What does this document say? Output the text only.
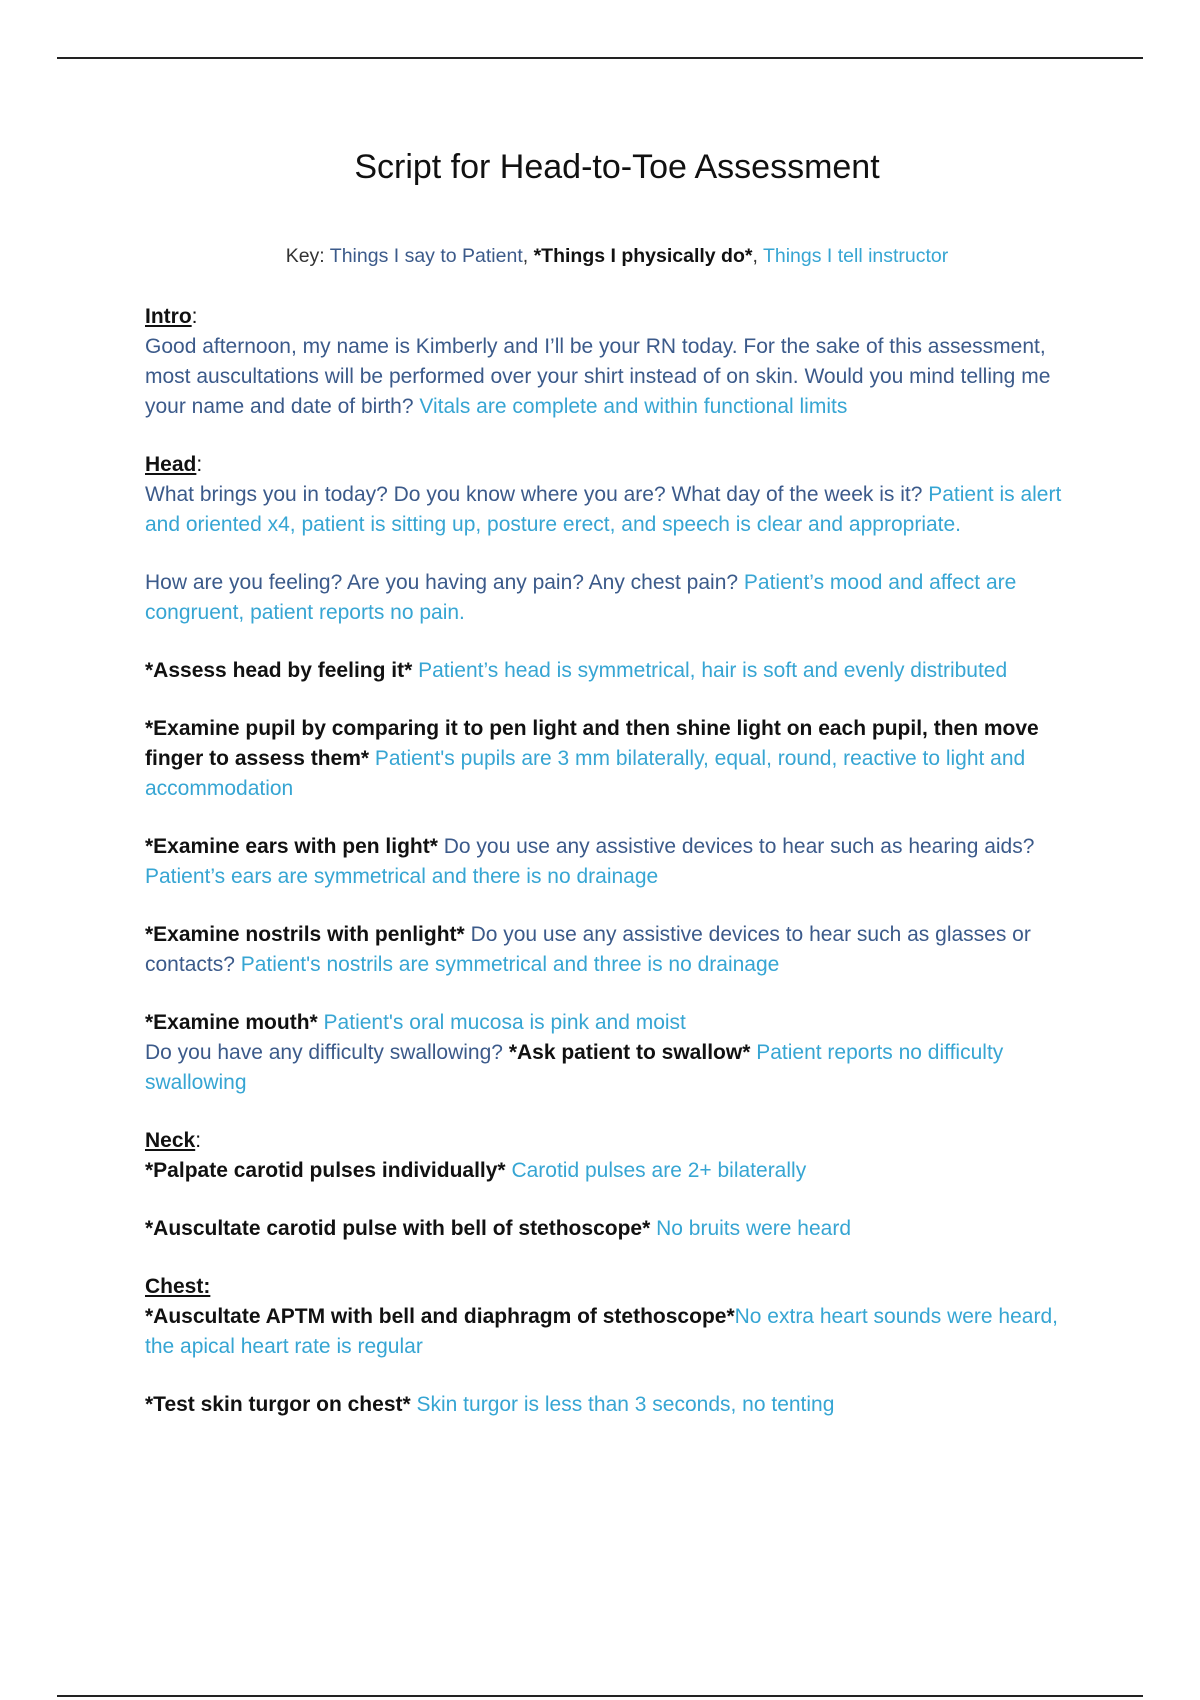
Script for Head-to-Toe Assessment
Key: Things I say to Patient, *Things I physically do*, Things I tell instructor
Intro:
Good afternoon, my name is Kimberly and I’ll be your RN today. For the sake of this assessment, most auscultations will be performed over your shirt instead of on skin. Would you mind telling me your name and date of birth? Vitals are complete and within functional limits
Head:
What brings you in today? Do you know where you are? What day of the week is it? Patient is alert and oriented x4, patient is sitting up, posture erect, and speech is clear and appropriate.
How are you feeling? Are you having any pain? Any chest pain? Patient’s mood and affect are congruent, patient reports no pain.
*Assess head by feeling it* Patient’s head is symmetrical, hair is soft and evenly distributed
*Examine pupil by comparing it to pen light and then shine light on each pupil, then move finger to assess them* Patient's pupils are 3 mm bilaterally, equal, round, reactive to light and accommodation
*Examine ears with pen light* Do you use any assistive devices to hear such as hearing aids? Patient’s ears are symmetrical and there is no drainage
*Examine nostrils with penlight* Do you use any assistive devices to hear such as glasses or contacts? Patient's nostrils are symmetrical and three is no drainage
*Examine mouth* Patient's oral mucosa is pink and moist
Do you have any difficulty swallowing? *Ask patient to swallow* Patient reports no difficulty swallowing
Neck:
*Palpate carotid pulses individually* Carotid pulses are 2+ bilaterally
*Auscultate carotid pulse with bell of stethoscope* No bruits were heard
Chest:
*Auscultate APTM with bell and diaphragm of stethoscope*No extra heart sounds were heard, the apical heart rate is regular
*Test skin turgor on chest* Skin turgor is less than 3 seconds, no tenting
